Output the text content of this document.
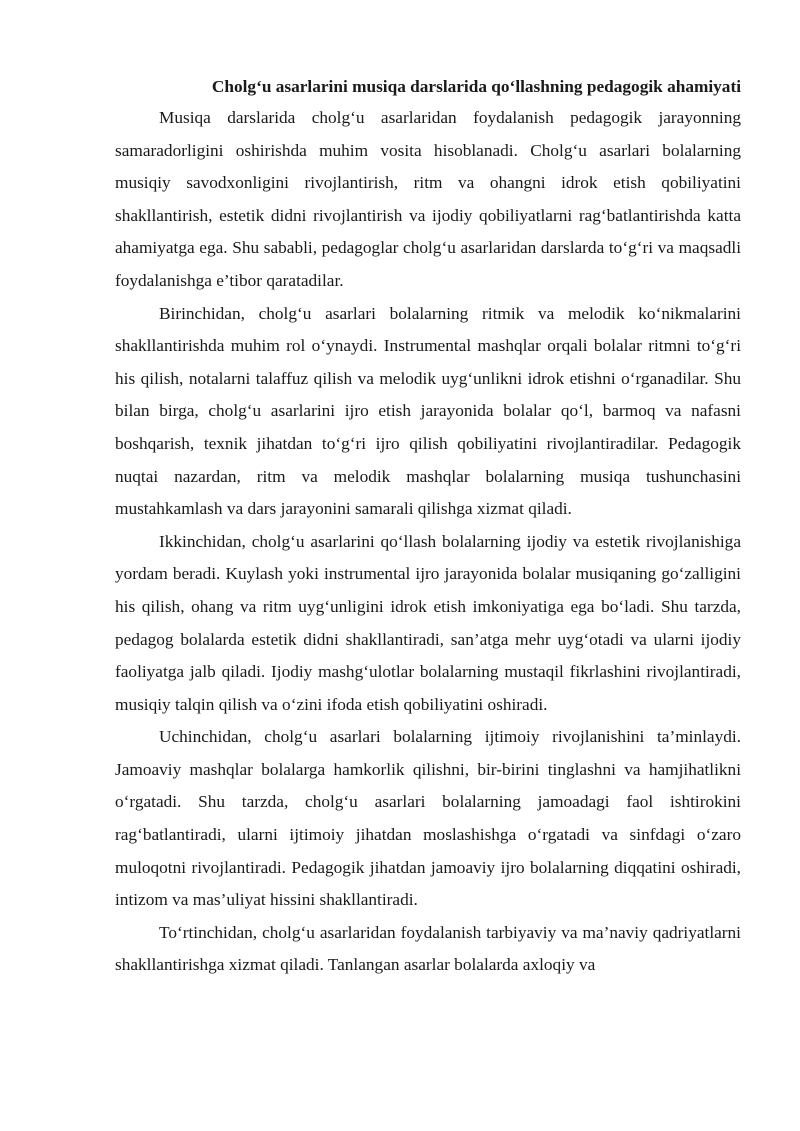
Cholg‘u asarlarini musiqa darslarida qo‘llashning pedagogik ahamiyati

Musiqa darslarida cholg‘u asarlaridan foydalanish pedagogik jarayonning samaradorligini oshirishda muhim vosita hisoblanadi. Cholg‘u asarlari bolalarning musiqiy savodxonligini rivojlantirish, ritm va ohangni idrok etish qobiliyatini shakllantirish, estetik didni rivojlantirish va ijodiy qobiliyatlarni rag‘batlantirishda katta ahamiyatga ega. Shu sababli, pedagoglar cholg‘u asarlaridan darslarda to‘g‘ri va maqsadli foydalanishga e’tibor qaratadilar.

Birinchidan, cholg‘u asarlari bolalarning ritmik va melodik ko‘nikmalarini shakllantirishda muhim rol o‘ynaydi. Instrumental mashqlar orqali bolalar ritmni to‘g‘ri his qilish, notalarni talaffuz qilish va melodik uyg‘unlikni idrok etishni o‘rganadilar. Shu bilan birga, cholg‘u asarlarini ijro etish jarayonida bolalar qo‘l, barmoq va nafasni boshqarish, texnik jihatdan to‘g‘ri ijro qilish qobiliyatini rivojlantiradilar. Pedagogik nuqtai nazardan, ritm va melodik mashqlar bolalarning musiqa tushunchasini mustahkamlash va dars jarayonini samarali qilishga xizmat qiladi.

Ikkinchidan, cholg‘u asarlarini qo‘llash bolalarning ijodiy va estetik rivojlanishiga yordam beradi. Kuylash yoki instrumental ijro jarayonida bolalar musiqaning go‘zalligini his qilish, ohang va ritm uyg‘unligini idrok etish imkoniyatiga ega bo‘ladi. Shu tarzda, pedagog bolalarda estetik didni shakllantiradi, san’atga mehr uyg‘otadi va ularni ijodiy faoliyatga jalb qiladi. Ijodiy mashg‘ulotlar bolalarning mustaqil fikrlashini rivojlantiradi, musiqiy talqin qilish va o‘zini ifoda etish qobiliyatini oshiradi.

Uchinchidan, cholg‘u asarlari bolalarning ijtimoiy rivojlanishini ta’minlaydi. Jamoaviy mashqlar bolalarga hamkorlik qilishni, bir-birini tinglashni va hamjihatlikni o‘rgatadi. Shu tarzda, cholg‘u asarlari bolalarning jamoadagi faol ishtirokini rag‘batlantiradi, ularni ijtimoiy jihatdan moslashishga o‘rgatadi va sinfdagi o‘zaro muloqotni rivojlantiradi. Pedagogik jihatdan jamoaviy ijro bolalarning diqqatini oshiradi, intizom va mas’uliyat hissini shakllantiradi.

To‘rtinchidan, cholg‘u asarlaridan foydalanish tarbiyaviy va ma’naviy qadriyatlarni shakllantirishga xizmat qiladi. Tanlangan asarlar bolalarda axloqiy va
